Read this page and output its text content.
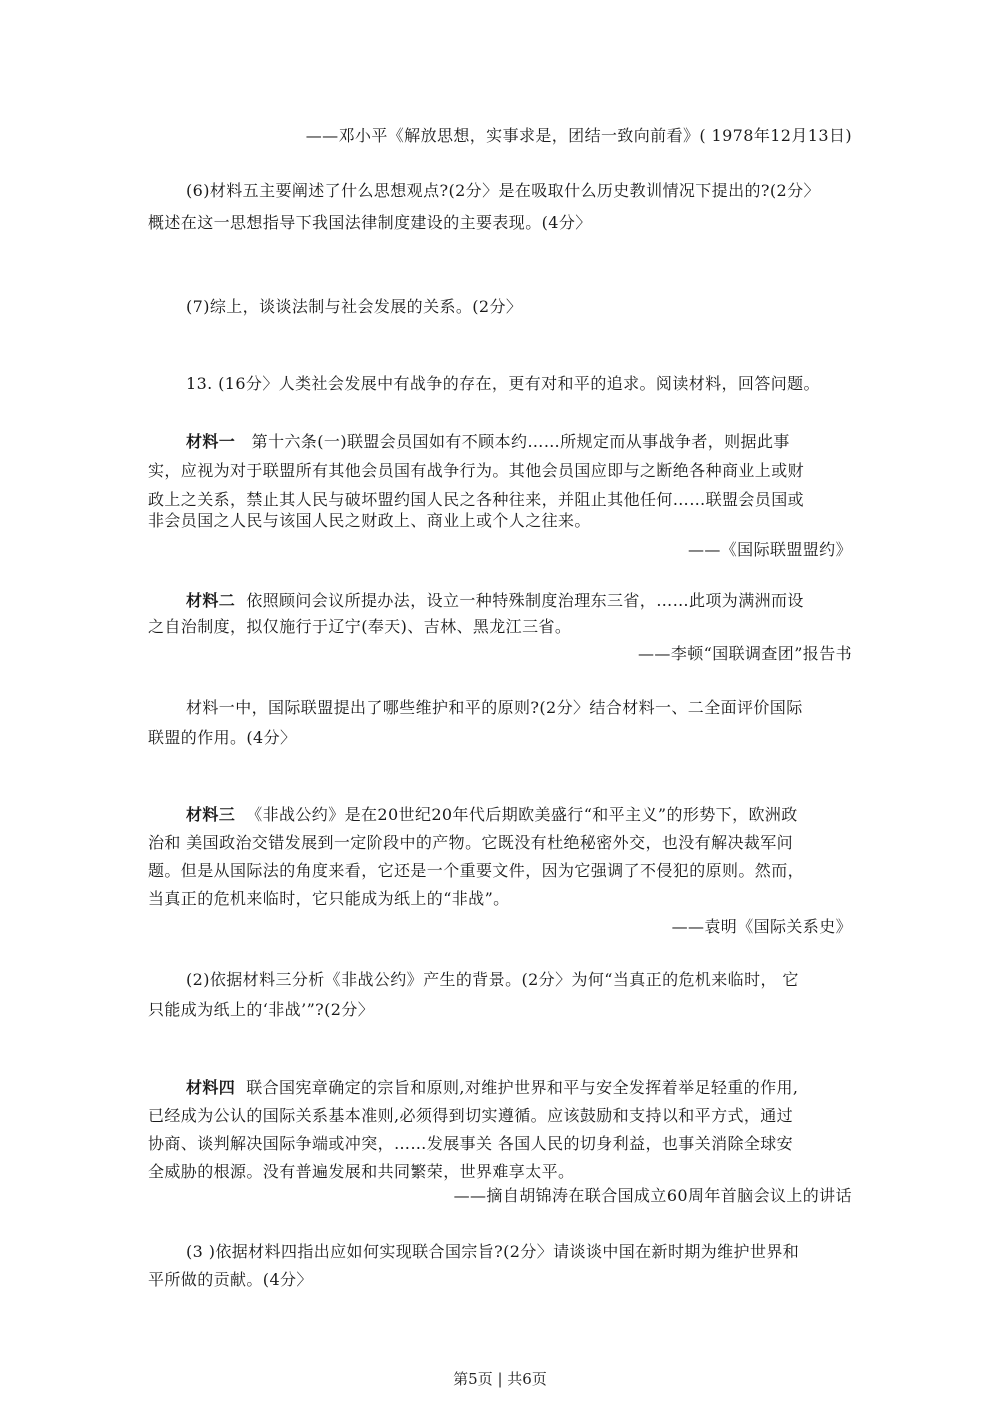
——邓小平《解放思想，实事求是，团结一致向前看》( 1978年12月13日)
(6)材料五主要阐述了什么思想观点?(2分〉是在吸取什么历史教训情况下提出的?(2分〉
概述在这一思想指导下我国法律制度建设的主要表现。(4分〉
(7)综上，谈谈法制与社会发展的关系。(2分〉
13. (16分〉人类社会发展中有战争的存在，更有对和平的追求。阅读材料，回答问题。
材料一 第十六条(一)联盟会员国如有不顾本约……所规定而从事战争者，则据此事
实，应视为对于联盟所有其他会员国有战争行为。其他会员国应即与之断绝各种商业上或财
政上之关系，禁止其人民与破坏盟约国人民之各种往来，并阻止其他任何……联盟会员国或
非会员国之人民与该国人民之财政上、商业上或个人之往来。
——《国际联盟盟约》
材料二 依照顾问会议所提办法，设立一种特殊制度治理东三省，……此项为满洲而设
之自治制度，拟仅施行于辽宁(奉天)、吉林、黑龙江三省。
——李顿“国联调查团”报告书
材料一中，国际联盟提出了哪些维护和平的原则?(2分〉结合材料一、二全面评价国际
联盟的作用。(4分〉
材料三 《非战公约》是在20世纪20年代后期欧美盛行“和平主义”的形势下，欧洲政
治和 美国政治交错发展到一定阶段中的产物。它既没有杜绝秘密外交，也没有解决裁军问
题。但是从国际法的角度来看，它还是一个重要文件，因为它强调了不侵犯的原则。然而，
当真正的危机来临时，它只能成为纸上的“非战”。
——袁明《国际关系史》
(2)依据材料三分析《非战公约》产生的背景。(2分〉为何“当真正的危机来临时， 它
只能成为纸上的‘非战’”?(2分〉
材料四 联合国宪章确定的宗旨和原则,对维护世界和平与安全发挥着举足轻重的作用,
已经成为公认的国际关系基本准则,必须得到切实遵循。应该鼓励和支持以和平方式，通过
协商、谈判解决国际争端或冲突，……发展事关 各国人民的切身利益，也事关消除全球安
全威胁的根源。没有普遍发展和共同繁荣，世界难享太平。
——摘自胡锦涛在联合国成立60周年首脑会议上的讲话
(3 )依据材料四指出应如何实现联合国宗旨?(2分〉请谈谈中国在新时期为维护世界和
平所做的贡献。(4分〉
第5页 | 共6页
